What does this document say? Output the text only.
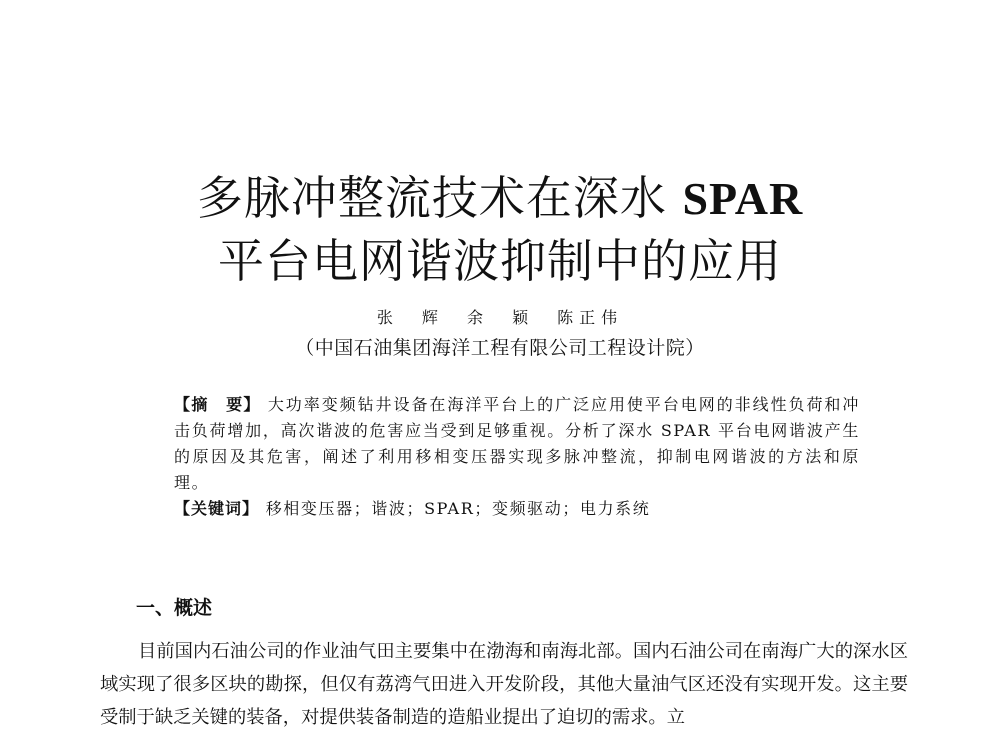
多脉冲整流技术在深水 SPAR
平台电网谐波抑制中的应用
张 辉 余 颖 陈正伟
（中国石油集团海洋工程有限公司工程设计院）

【摘　要】 大功率变频钻井设备在海洋平台上的广泛应用使平台电网的非线性负荷和冲击负荷增加，高次谐波的危害应当受到足够重视。分析了深水 SPAR 平台电网谐波产生的原因及其危害，阐述了利用移相变压器实现多脉冲整流，抑制电网谐波的方法和原理。

【关键词】 移相变压器；谐波；SPAR；变频驱动；电力系统

一、概述

目前国内石油公司的作业油气田主要集中在渤海和南海北部。国内石油公司在南海广大的深水区域实现了很多区块的勘探，但仅有荔湾气田进入开发阶段，其他大量油气区还没有实现开发。这主要受制于缺乏关键的装备，对提供装备制造的造船业提出了迫切的需求。立
